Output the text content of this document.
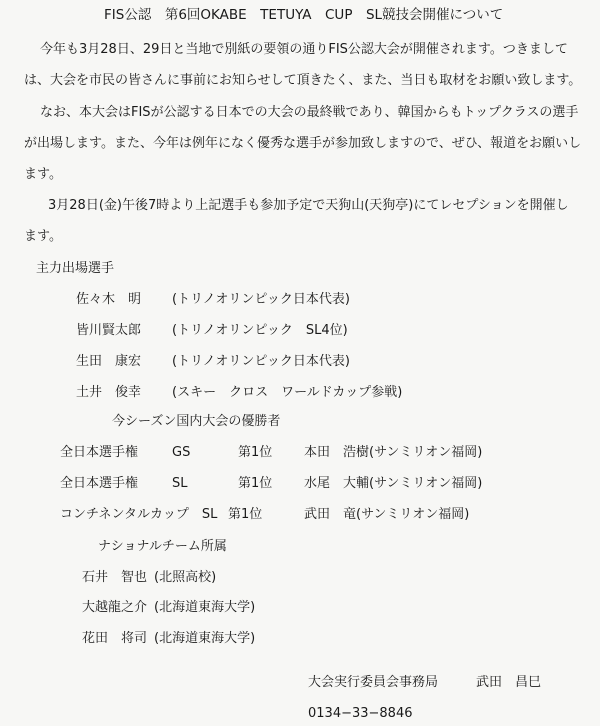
FIS公認　第6回OKABE　TETUYA　CUP　SL競技会開催について
今年も3月28日、29日と当地で別紙の要領の通りFIS公認大会が開催されます。つきまして
は、大会を市民の皆さんに事前にお知らせして頂きたく、また、当日も取材をお願い致します。
なお、本大会はFISが公認する日本での大会の最終戦であり、韓国からもトップクラスの選手
が出場します。また、今年は例年になく優秀な選手が参加致しますので、ぜひ、報道をお願いし
ます。
3月28日(金)午後7時より上記選手も参加予定で天狗山(天狗亭)にてレセプションを開催し
ます。
主力出場選手
佐々木　明 (トリノオリンピック日本代表)
皆川賢太郎 (トリノオリンピック　SL4位)
生田　康宏 (トリノオリンピック日本代表)
土井　俊幸 (スキー　クロス　ワールドカップ参戦)
今シーズン国内大会の優勝者
全日本選手権	GS	第1位 本田　浩樹(サンミリオン福岡)
全日本選手権	SL	第1位 水尾　大輔(サンミリオン福岡)
コンチネンタルカップ　SL 第1位	武田　竜(サンミリオン福岡)
ナショナルチーム所属
石井　智也 (北照高校)
大越龍之介 (北海道東海大学)
花田　将司 (北海道東海大学)
大会実行委員会事務局	武田　昌巳
0134−33−8846
